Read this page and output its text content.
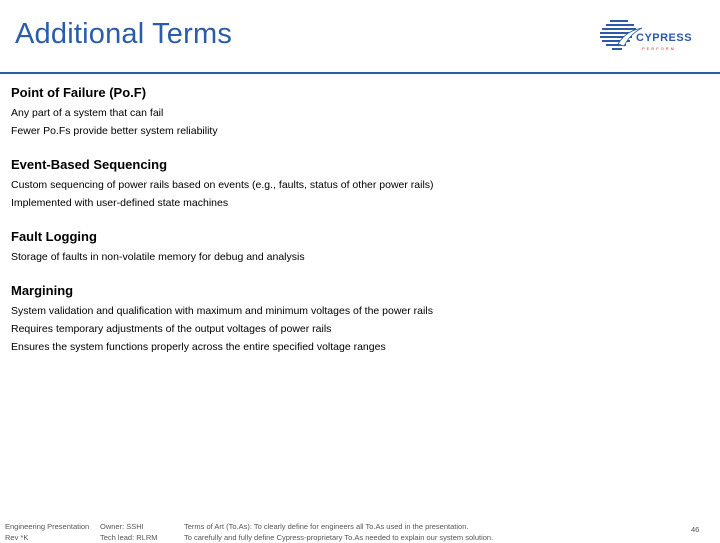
Additional Terms	CYPRESS
PERFORM
Point of Failure (Po.F)
Any part of a system that can fail
Fewer Po.Fs provide better system reliability
Event-Based Sequencing
Custom sequencing of power rails based on events (e.g., faults, status of other power rails)
Implemented with user-defined state machines
Fault Logging
Storage of faults in non-volatile memory for debug and analysis
Margining
System validation and qualification with maximum and minimum voltages of the power rails
Requires temporary adjustments of the output voltages of power rails
Ensures the system functions properly across the entire specified voltage ranges
Engineering Presentation Owner: SSHI
Rev *K	Tech lead: RLRM
Terms of Art (To.As): To clearly define for engineers all To.As used in the presentation.
To carefully and fully define Cypress-proprietary To.As needed to explain our system solution.
46
